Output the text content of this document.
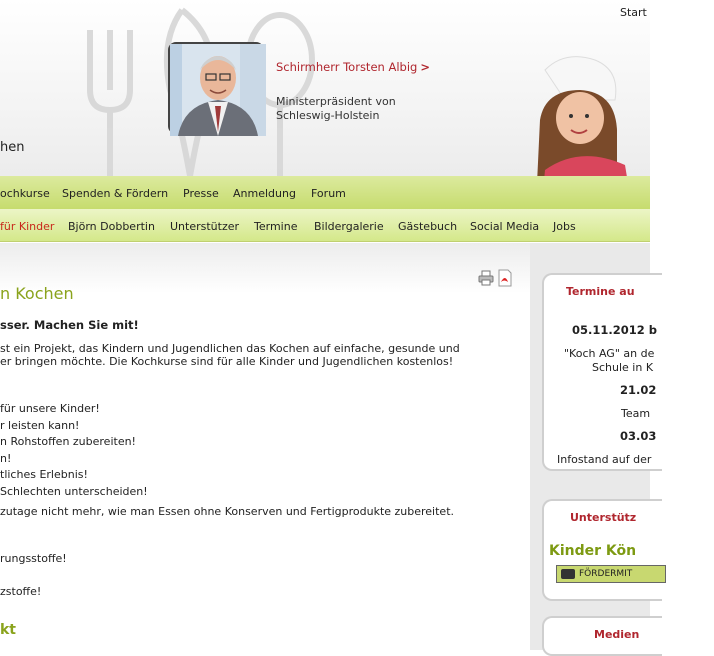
hen
Start
Schirmherr Torsten Albig >
Ministerpräsident von Schleswig-Holstein
ochkurse Spenden & Fördern Presse Anmeldung Forum
für Kinder Björn Dobbertin Unterstützer Termine Bildergalerie Gästebuch Social Media Jobs
n Kochen
sser. Machen Sie mit!
st ein Projekt, das Kindern und Jugendlichen das Kochen auf einfache, gesunde und
er bringen möchte. Die Kochkurse sind für alle Kinder und Jugendlichen kostenlos!
für unsere Kinder!
r leisten kann!
n Rohstoffen zubereiten!
n!
tliches Erlebnis!
Schlechten unterscheiden!
zutage nicht mehr, wie man Essen ohne Konserven und Fertigprodukte zubereitet.
rungsstoffe!
zstoffe!
kt
Termine au
05.11.2012 b
"Koch AG" an de
Schule in K
21.02
Team
03.03
Infostand auf der
Unterstütz
Kinder Kön
FÖRDERMIT
Medien
